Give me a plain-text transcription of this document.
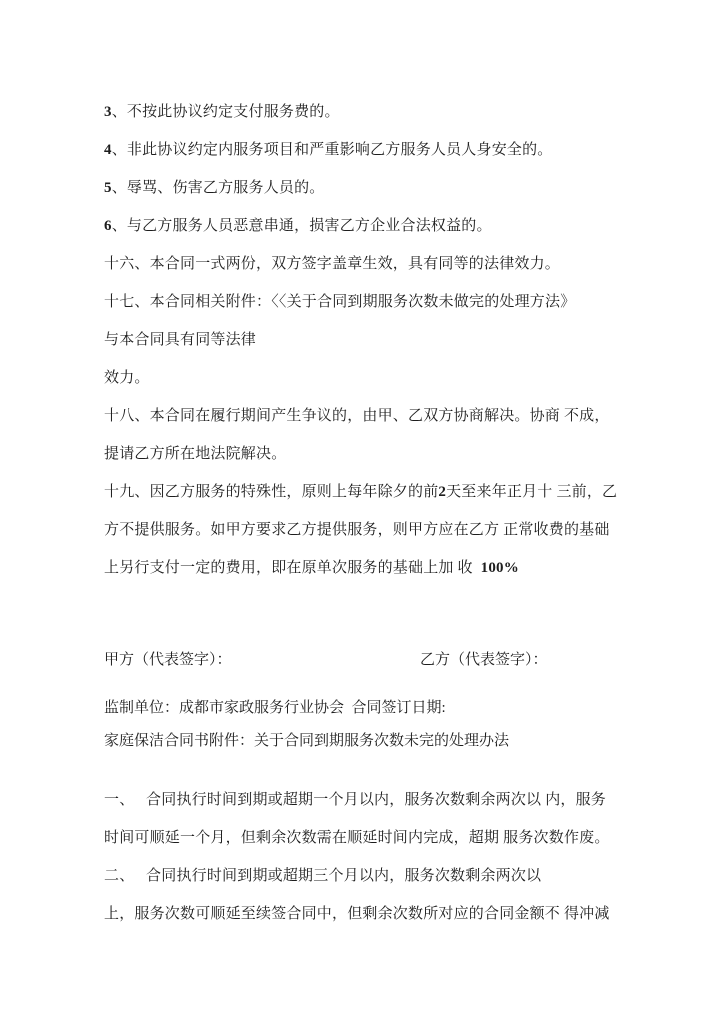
3、不按此协议约定支付服务费的。
4、非此协议约定内服务项目和严重影响乙方服务人员人身安全的。
5、辱骂、伤害乙方服务人员的。
6、与乙方服务人员恶意串通，损害乙方企业合法权益的。
十六、本合同一式两份，双方签字盖章生效，具有同等的法律效力。
十七、本合同相关附件：〈〈关于合同到期服务次数未做完的处理方法》
与本合同具有同等法律
效力。
十八、本合同在履行期间产生争议的，由甲、乙双方协商解决。协商 不成，
提请乙方所在地法院解决。
十九、因乙方服务的特殊性，原则上每年除夕的前2天至来年正月十 三前，乙
方不提供服务。如甲方要求乙方提供服务，则甲方应在乙方 正常收费的基础
上另行支付一定的费用，即在原单次服务的基础上加 收  100%
甲方（代表签字）：	乙方（代表签字）：
监制单位：成都市家政服务行业协会  合同签订日期:
家庭保洁合同书附件：关于合同到期服务次数未完的处理办法
一、　 合同执行时间到期或超期一个月以内，服务次数剩余两次以 内，服务
时间可顺延一个月，但剩余次数需在顺延时间内完成，超期 服务次数作废。
二、　 合同执行时间到期或超期三个月以内，服务次数剩余两次以
上，服务次数可顺延至续签合同中，但剩余次数所对应的合同金额不 得冲减
